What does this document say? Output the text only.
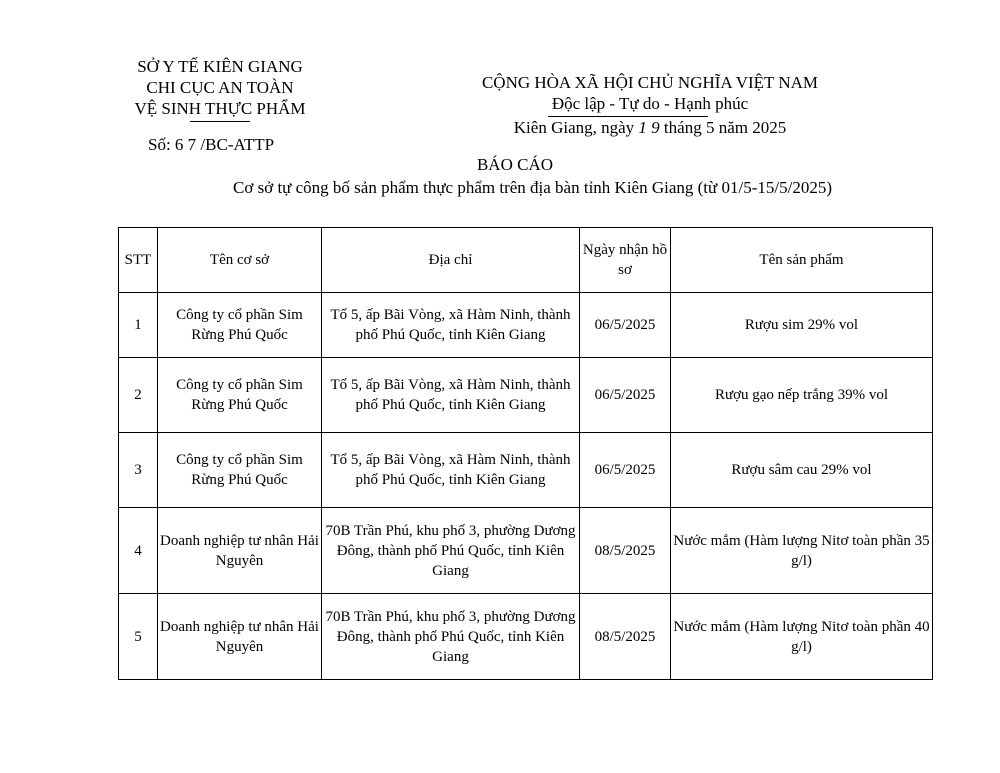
SỞ Y TẾ KIÊN GIANG
CHI CỤC AN TOÀN
VỆ SINH THỰC PHẨM
Số: 6 7 /BC-ATTP
CỘNG HÒA XÃ HỘI CHỦ NGHĨA VIỆT NAM
Độc lập - Tự do - Hạnh phúc
Kiên Giang, ngày 1 9 tháng 5 năm 2025
BÁO CÁO
Cơ sở tự công bố sản phẩm thực phẩm trên địa bàn tỉnh Kiên Giang (từ 01/5-15/5/2025)
STT	Tên cơ sở	Địa chỉ	Ngày nhận hồ sơ	Tên sản phẩm
1	Công ty cổ phần Sim Rừng Phú Quốc	Tổ 5, ấp Bãi Vòng, xã Hàm Ninh, thành phố Phú Quốc, tỉnh Kiên Giang	06/5/2025	Rượu sim 29% vol
2	Công ty cổ phần Sim Rừng Phú Quốc	Tổ 5, ấp Bãi Vòng, xã Hàm Ninh, thành phố Phú Quốc, tỉnh Kiên Giang	06/5/2025	Rượu gạo nếp trắng 39% vol
3	Công ty cổ phần Sim Rừng Phú Quốc	Tổ 5, ấp Bãi Vòng, xã Hàm Ninh, thành phố Phú Quốc, tỉnh Kiên Giang	06/5/2025	Rượu sâm cau 29% vol
4	Doanh nghiệp tư nhân Hải Nguyên	70B Trần Phú, khu phố 3, phường Dương Đông, thành phố Phú Quốc, tỉnh Kiên Giang	08/5/2025	Nước mắm (Hàm lượng Nitơ toàn phần 35 g/l)
5	Doanh nghiệp tư nhân Hải Nguyên	70B Trần Phú, khu phố 3, phường Dương Đông, thành phố Phú Quốc, tỉnh Kiên Giang	08/5/2025	Nước mắm (Hàm lượng Nitơ toàn phần 40 g/l)
